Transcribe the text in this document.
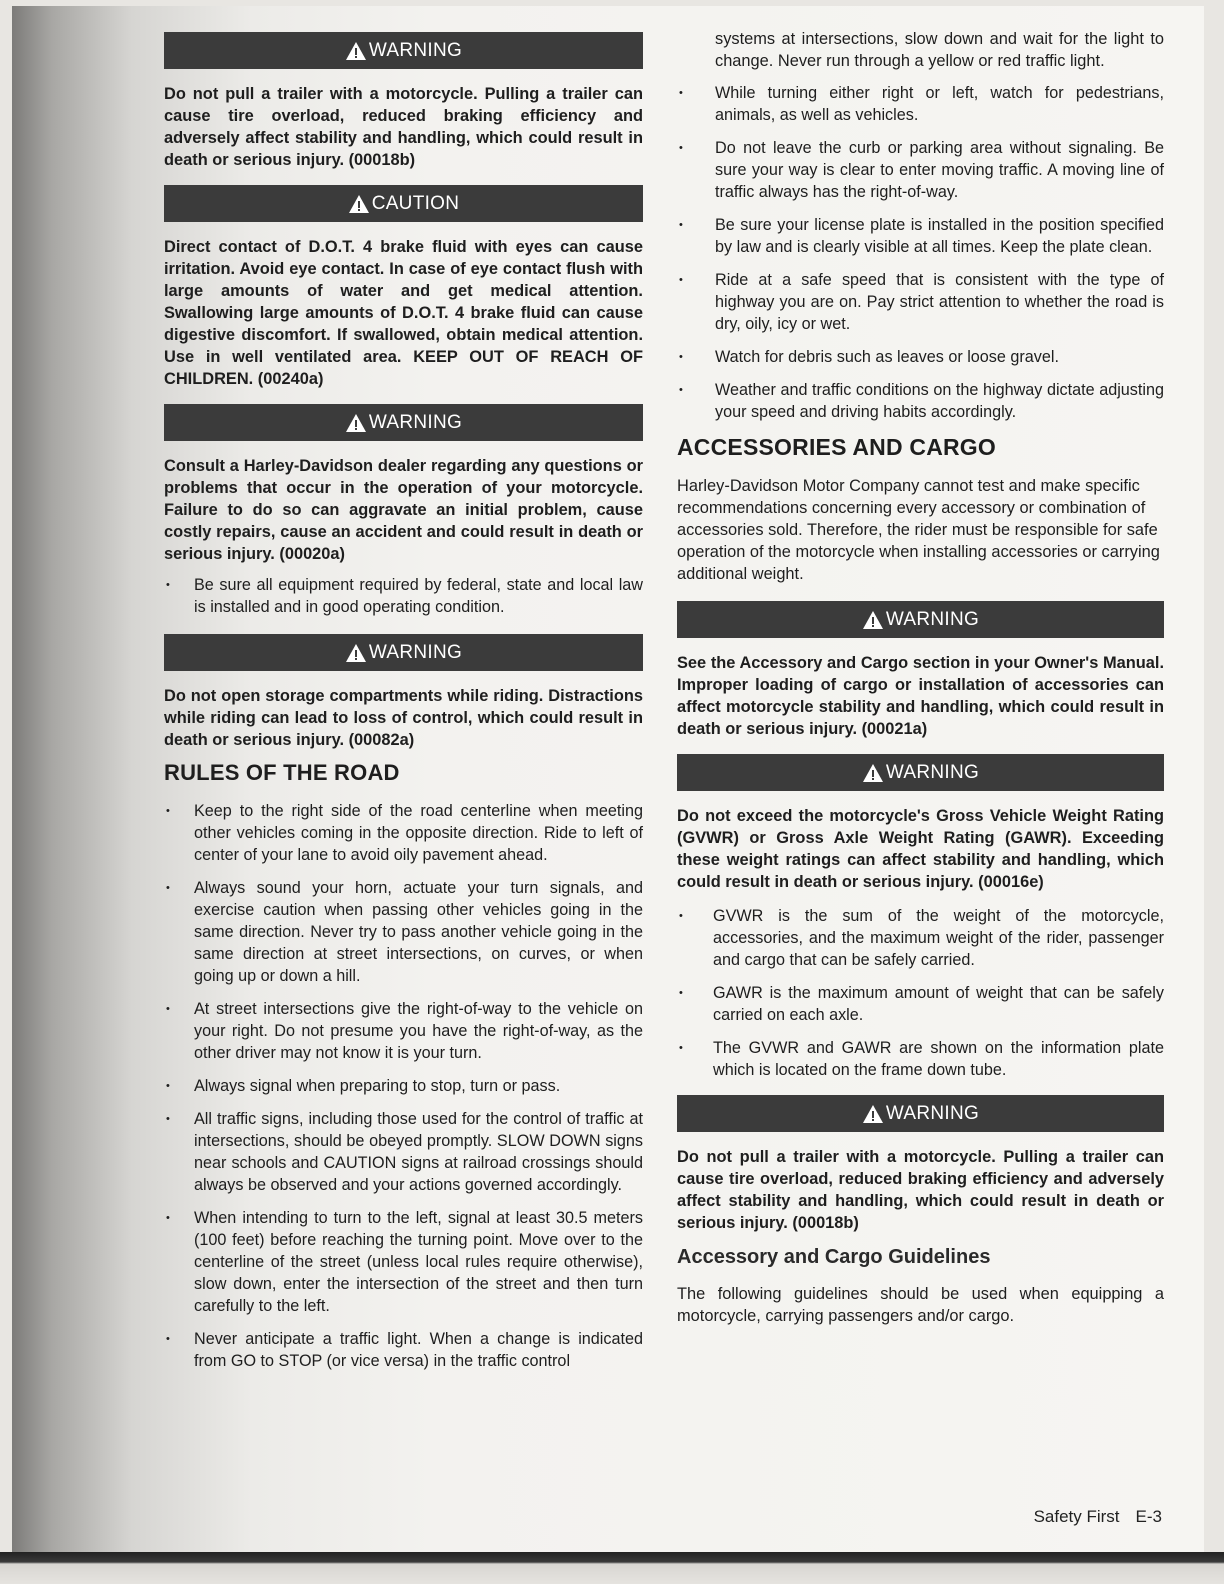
WARNING

Do not pull a trailer with a motorcycle. Pulling a trailer can cause tire overload, reduced braking efficiency and adversely affect stability and handling, which could result in death or serious injury. (00018b)

CAUTION

Direct contact of D.O.T. 4 brake fluid with eyes can cause irritation. Avoid eye contact. In case of eye contact flush with large amounts of water and get medical attention. Swallowing large amounts of D.O.T. 4 brake fluid can cause digestive discomfort. If swallowed, obtain medical attention. Use in well ventilated area. KEEP OUT OF REACH OF CHILDREN. (00240a)

WARNING

Consult a Harley-Davidson dealer regarding any questions or problems that occur in the operation of your motorcycle. Failure to do so can aggravate an initial problem, cause costly repairs, cause an accident and could result in death or serious injury. (00020a)

• Be sure all equipment required by federal, state and local law is installed and in good operating condition.
WARNING

Do not open storage compartments while riding. Distractions while riding can lead to loss of control, which could result in death or serious injury. (00082a)

RULES OF THE ROAD
• Keep to the right side of the road centerline when meeting other vehicles coming in the opposite direction. Ride to left of center of your lane to avoid oily pavement ahead.
• Always sound your horn, actuate your turn signals, and exercise caution when passing other vehicles going in the same direction. Never try to pass another vehicle going in the same direction at street intersections, on curves, or when going up or down a hill.
• At street intersections give the right-of-way to the vehicle on your right. Do not presume you have the right-of-way, as the other driver may not know it is your turn.
• Always signal when preparing to stop, turn or pass.
• All traffic signs, including those used for the control of traffic at intersections, should be obeyed promptly. SLOW DOWN signs near schools and CAUTION signs at railroad crossings should always be observed and your actions governed accordingly.
• When intending to turn to the left, signal at least 30.5 meters (100 feet) before reaching the turning point. Move over to the centerline of the street (unless local rules require otherwise), slow down, enter the intersection of the street and then turn carefully to the left.
• Never anticipate a traffic light. When a change is indicated from GO to STOP (or vice versa) in the traffic control

systems at intersections, slow down and wait for the light to change. Never run through a yellow or red traffic light.

• While turning either right or left, watch for pedestrians, animals, as well as vehicles.
• Do not leave the curb or parking area without signaling. Be sure your way is clear to enter moving traffic. A moving line of traffic always has the right-of-way.
• Be sure your license plate is installed in the position specified by law and is clearly visible at all times. Keep the plate clean.
• Ride at a safe speed that is consistent with the type of highway you are on. Pay strict attention to whether the road is dry, oily, icy or wet.
• Watch for debris such as leaves or loose gravel.
• Weather and traffic conditions on the highway dictate adjusting your speed and driving habits accordingly.
ACCESSORIES AND CARGO

Harley-Davidson Motor Company cannot test and make specific recommendations concerning every accessory or combination of accessories sold. Therefore, the rider must be responsible for safe operation of the motorcycle when installing accessories or carrying additional weight.

WARNING

See the Accessory and Cargo section in your Owner's Manual. Improper loading of cargo or installation of accessories can affect motorcycle stability and handling, which could result in death or serious injury. (00021a)

WARNING

Do not exceed the motorcycle's Gross Vehicle Weight Rating (GVWR) or Gross Axle Weight Rating (GAWR). Exceeding these weight ratings can affect stability and handling, which could result in death or serious injury. (00016e)

• GVWR is the sum of the weight of the motorcycle, accessories, and the maximum weight of the rider, passenger and cargo that can be safely carried.
• GAWR is the maximum amount of weight that can be safely carried on each axle.
• The GVWR and GAWR are shown on the information plate which is located on the frame down tube.
WARNING

Do not pull a trailer with a motorcycle. Pulling a trailer can cause tire overload, reduced braking efficiency and adversely affect stability and handling, which could result in death or serious injury. (00018b)

Accessory and Cargo Guidelines

The following guidelines should be used when equipping a motorcycle, carrying passengers and/or cargo.

Safety First E-3
